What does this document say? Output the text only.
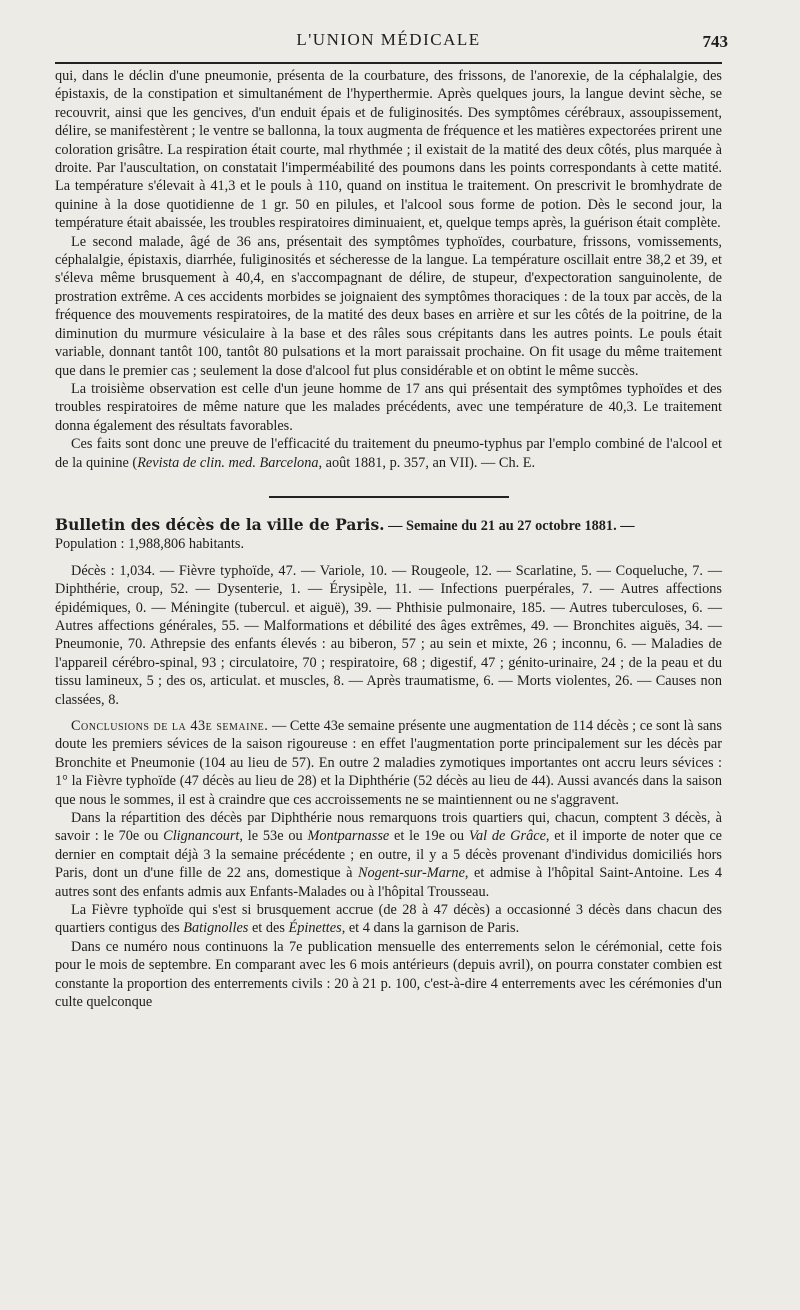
L'UNION MÉDICALE	743

qui, dans le déclin d'une pneumonie, présenta de la courbature, des frissons, de l'anorexie, de la céphalalgie, des épistaxis, de la constipation et simultanément de l'hyperthermie. Après quelques jours, la langue devint sèche, se recouvrit, ainsi que les gencives, d'un enduit épais et de fuliginosités. Des symptômes cérébraux, assoupissement, délire, se manifestèrent ; le ventre se ballonna, la toux augmenta de fréquence et les matières expectorées prirent une coloration grisâtre. La respiration était courte, mal rhythmée ; il existait de la matité des deux côtés, plus marquée à droite. Par l'auscultation, on constatait l'imperméabilité des poumons dans les points correspondants à cette matité. La température s'élevait à 41,3 et le pouls à 110, quand on institua le traitement. On prescrivit le bromhydrate de quinine à la dose quotidienne de 1 gr. 50 en pilules, et l'alcool sous forme de potion. Dès le second jour, la température était abaissée, les troubles respiratoires diminuaient, et, quelque temps après, la guérison était complète.

Le second malade, âgé de 36 ans, présentait des symptômes typhoïdes, courbature, frissons, vomissements, céphalalgie, épistaxis, diarrhée, fuliginosités et sécheresse de la langue. La température oscillait entre 38,2 et 39, et s'éleva même brusquement à 40,4, en s'accompagnant de délire, de stupeur, d'expectoration sanguinolente, de prostration extrême. A ces accidents morbides se joignaient des symptômes thoraciques : de la toux par accès, de la fréquence des mouvements respiratoires, de la matité des deux bases en arrière et sur les côtés de la poitrine, de la diminution du murmure vésiculaire à la base et des râles sous crépitants dans les autres points. Le pouls était variable, donnant tantôt 100, tantôt 80 pulsations et la mort paraissait prochaine. On fit usage du même traitement que dans le premier cas ; seulement la dose d'alcool fut plus considérable et on obtint le même succès.

La troisième observation est celle d'un jeune homme de 17 ans qui présentait des symptômes typhoïdes et des troubles respiratoires de même nature que les malades précédents, avec une température de 40,3. Le traitement donna également des résultats favorables.

Ces faits sont donc une preuve de l'efficacité du traitement du pneumo-typhus par l'emplo combiné de l'alcool et de la quinine (Revista de clin. med. Barcelona, août 1881, p. 357, an VII). — Ch. E.

Bulletin des décès de la ville de Paris. — Semaine du 21 au 27 octobre 1881. —

Population : 1,988,806 habitants.

Décès : 1,034. — Fièvre typhoïde, 47. — Variole, 10. — Rougeole, 12. — Scarlatine, 5. — Coqueluche, 7. — Diphthérie, croup, 52. — Dysenterie, 1. — Érysipèle, 11. — Infections puerpérales, 7. — Autres affections épidémiques, 0. — Méningite (tubercul. et aiguë), 39. — Phthisie pulmonaire, 185. — Autres tuberculoses, 6. — Autres affections générales, 55. — Malformations et débilité des âges extrêmes, 49. — Bronchites aiguës, 34. — Pneumonie, 70. Athrepsie des enfants élevés : au biberon, 57 ; au sein et mixte, 26 ; inconnu, 6. — Maladies de l'appareil cérébro-spinal, 93 ; circulatoire, 70 ; respiratoire, 68 ; digestif, 47 ; génito-urinaire, 24 ; de la peau et du tissu lamineux, 5 ; des os, articulat. et muscles, 8. — Après traumatisme, 6. — Morts violentes, 26. — Causes non classées, 8.

Conclusions de la 43e semaine. — Cette 43e semaine présente une augmentation de 114 décès ; ce sont là sans doute les premiers sévices de la saison rigoureuse : en effet l'augmentation porte principalement sur les décès par Bronchite et Pneumonie (104 au lieu de 57). En outre 2 maladies zymotiques importantes ont accru leurs sévices : 1° la Fièvre typhoïde (47 décès au lieu de 28) et la Diphthérie (52 décès au lieu de 44). Aussi avancés dans la saison que nous le sommes, il est à craindre que ces accroissements ne se maintiennent ou ne s'aggravent.

Dans la répartition des décès par Diphthérie nous remarquons trois quartiers qui, chacun, comptent 3 décès, à savoir : le 70e ou Clignancourt, le 53e ou Montparnasse et le 19e ou Val de Grâce, et il importe de noter que ce dernier en comptait déjà 3 la semaine précédente ; en outre, il y a 5 décès provenant d'individus domiciliés hors Paris, dont un d'une fille de 22 ans, domestique à Nogent-sur-Marne, et admise à l'hôpital Saint-Antoine. Les 4 autres sont des enfants admis aux Enfants-Malades ou à l'hôpital Trousseau.

La Fièvre typhoïde qui s'est si brusquement accrue (de 28 à 47 décès) a occasionné 3 décès dans chacun des quartiers contigus des Batignolles et des Épinettes, et 4 dans la garnison de Paris.

Dans ce numéro nous continuons la 7e publication mensuelle des enterrements selon le cérémonial, cette fois pour le mois de septembre. En comparant avec les 6 mois antérieurs (depuis avril), on pourra constater combien est constante la proportion des enterrements civils : 20 à 21 p. 100, c'est-à-dire 4 enterrements avec les cérémonies d'un culte quelconque
